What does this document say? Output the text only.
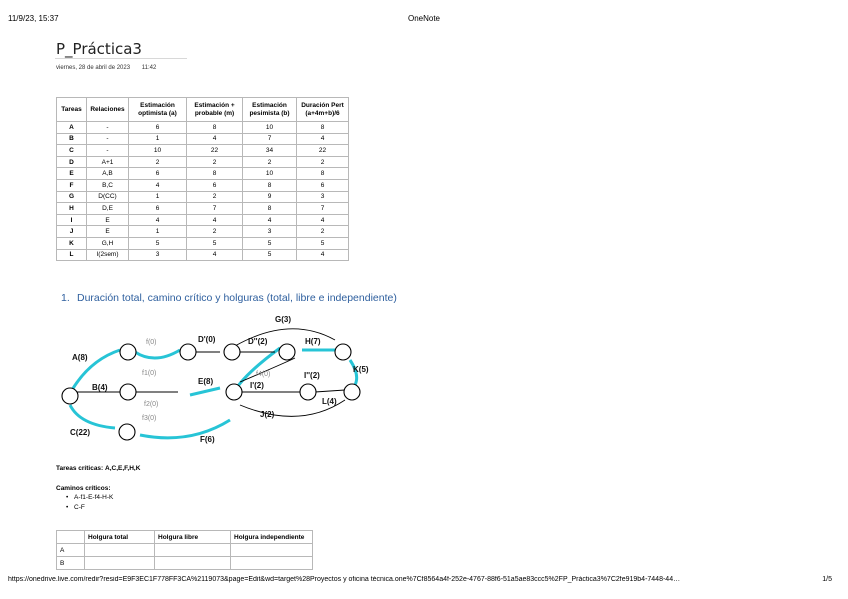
11/9/23, 15:37	OneNote
P_Práctica3
viernes, 28 de abril de 2023 11:42
Tareas	Relaciones	Estimación optimista (a)	Estimación + probable (m)	Estimación pesimista (b)	Duración Pert (a+4m+b)/6
A	-	6	8	10	8
B	-	1	4	7	4
C	-	10	22	34	22
D	A+1	2	2	2	2
E	A,B	6	8	10	8
F	B,C	4	6	8	6
G	D(CC)	1	2	9	3
H	D,E	6	7	8	7
I	E	4	4	4	4
J	E	1	2	3	2
K	G,H	5	5	5	5
L	I(2sem)	3	4	5	4
1. Duración total, camino crítico y holguras (total, libre e independiente)
A(8)
B(4)
C(22)
D'(0)	D''(2)
E(8)
F(6)
G(3)
H(7)
I'(2)
I''(2)
J(2)
K(5)
L(4)
f(0)
f1(0)
f2(0)
f3(0)
f4(0)
Tareas críticas: A,C,E,F,H,K
Caminos críticos:
• A-f1-E-f4-H-K
• C-F
	Holgura total	Holgura libre	Holgura independiente
A			
B			
https://onedrive.live.com/redir?resid=E9F3EC1F778FF3CA%2119073&page=Edit&wd=target%28Proyectos y oficina técnica.one%7Cf8564a4f-252e-4767-88f6-51a5ae83ccc5%2FP_Práctica3%7C2fe919b4-7448-44…	1/5
